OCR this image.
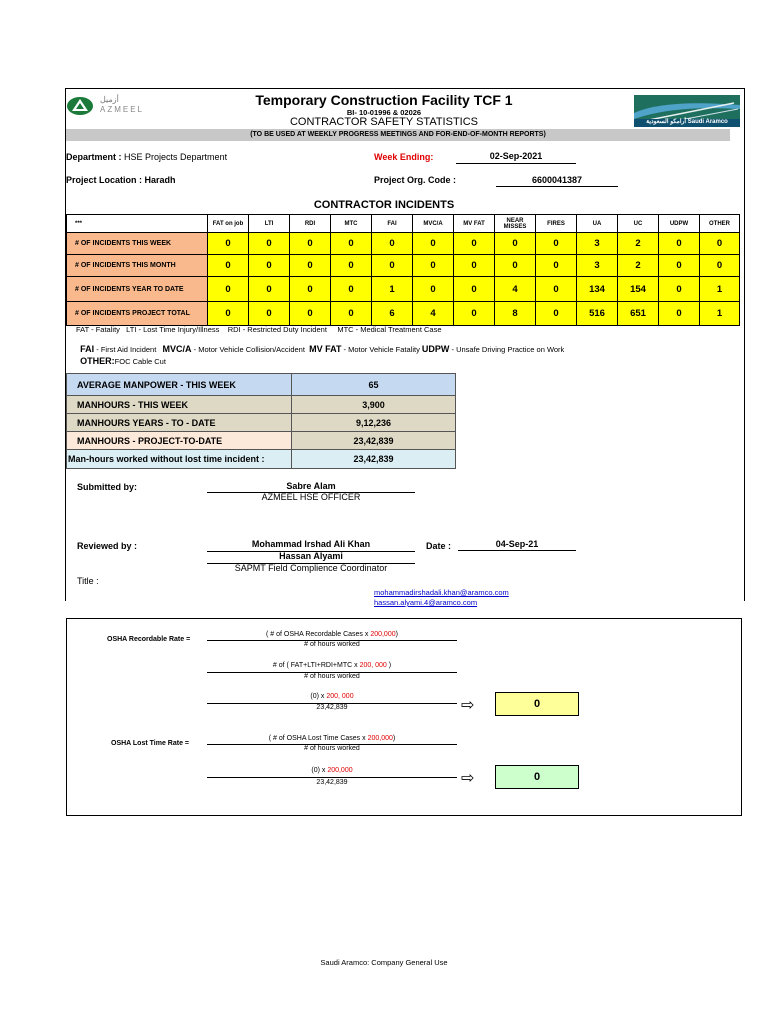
أزميل
AZMEEL
أرامكو السعودية Saudi Aramco
Temporary Construction Facility TCF 1
BI- 10-01996 & 02026
CONTRACTOR SAFETY STATISTICS
(TO BE USED AT WEEKLY PROGRESS MEETINGS AND FOR-END-OF-MONTH REPORTS)
Department : HSE Projects Department	Week Ending:	02-Sep-2021
Project Location : Haradh	Project Org. Code :	6600041387
CONTRACTOR INCIDENTS
***	FAT on job	LTI	RDI	MTC	FAI	MVC/A	MV FAT	NEAR MISSES	FIRES	UA	UC	UDPW	OTHER
# OF INCIDENTS THIS WEEK	0	0	0	0	0	0	0	0	0	3	2	0	0
# OF INCIDENTS THIS MONTH	0	0	0	0	0	0	0	0	0	3	2	0	0
# OF INCIDENTS YEAR TO DATE	0	0	0	0	1	0	0	4	0	134	154	0	1
# OF INCIDENTS PROJECT TOTAL	0	0	0	0	6	4	0	8	0	516	651	0	1
FAT - Fatality   LTI - Lost Time Injury/Illness    RDI - Restricted Duty Incident     MTC - Medical Treatment Case

FAI - First Aid Incident   MVC/A - Motor Vehicle Collision/Accident  MV FAT - Motor Vehicle Fatality UDPW - Unsafe Driving Practice on Work

OTHER:FOC Cable Cut

AVERAGE MANPOWER - THIS WEEK	65
MANHOURS - THIS WEEK	3,900
MANHOURS YEARS - TO - DATE	9,12,236
MANHOURS - PROJECT-TO-DATE	23,42,839
Man-hours worked without lost time incident :	23,42,839
Submitted by:	Sabre Alam
AZMEEL HSE OFFICER
Reviewed by :	Mohammad Irshad Ali Khan
Hassan Alyami
SAPMT Field Complience Coordinator
Date :	04-Sep-21
Title :
mohammadirshadali.khan@aramco.com
hassan.alyami.4@aramco.com
OSHA Recordable Rate =
( # of OSHA Recordable Cases x 200,000)
# of hours worked
# of ( FAT+LTI+RDI+MTC x 200, 000 )
# of hours worked
(0) x 200, 000
23,42,839	⇨	0
OSHA Lost Time Rate =
( # of OSHA Lost Time Cases x 200,000)
# of hours worked
(0) x 200,000
23,42,839	⇨	0
Saudi Aramco: Company General Use
